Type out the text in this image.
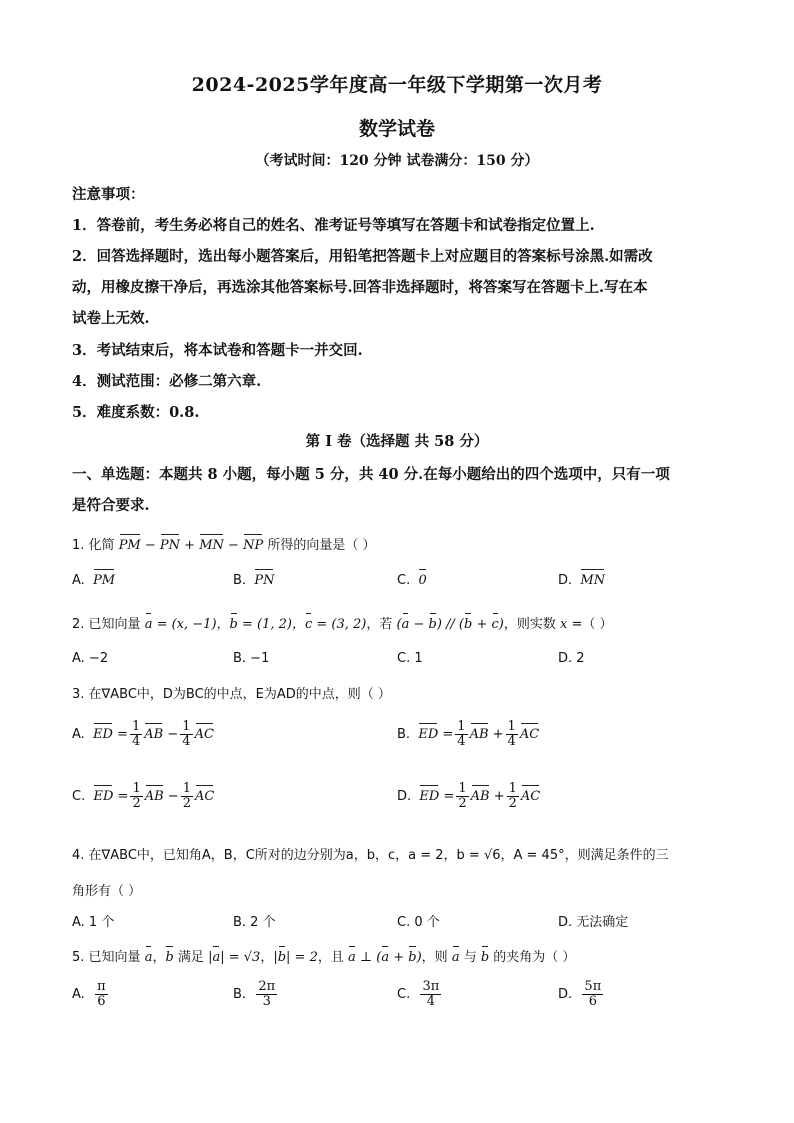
2024-2025学年度高一年级下学期第一次月考
数学试卷
（考试时间：120 分钟 试卷满分：150 分）
注意事项：
1．答卷前，考生务必将自己的姓名、准考证号等填写在答题卡和试卷指定位置上.
2．回答选择题时，选出每小题答案后，用铅笔把答题卡上对应题目的答案标号涂黑.如需改
动，用橡皮擦干净后，再选涂其他答案标号.回答非选择题时，将答案写在答题卡上.写在本
试卷上无效.
3．考试结束后，将本试卷和答题卡一并交回.
4．测试范围：必修二第六章.
5．难度系数：0.8.
第 I 卷（选择题 共 58 分）
一、单选题：本题共 8 小题，每小题 5 分，共 40 分.在每小题给出的四个选项中，只有一项
是符合要求.
1. 化简 PM − PN + MN − NP 所得的向量是（ ）
A. PM	B. PN	C. 0	D. MN
2. 已知向量 a = (x, −1)，b = (1, 2)，c = (3, 2)，若 (a − b) // (b + c)，则实数 x =（ ）
A. −2	B. −1	C. 1	D. 2
3. 在∇ABC中，D为BC的中点，E为AD的中点，则（ ）
A. ED = $\frac{1}{4}$ AB − $\frac{1}{4}$ AC	B. ED = $\frac{1}{4}$ AB + $\frac{1}{4}$ AC
C. ED = $\frac{1}{2}$ AB − $\frac{1}{2}$ AC	D. ED = $\frac{1}{2}$ AB + $\frac{1}{2}$ AC
4. 在∇ABC中，已知角A，B，C所对的边分别为a，b，c，a = 2，b = √6，A = 45°，则满足条件的三
角形有（ ）
A. 1 个	B. 2 个	C. 0 个	D. 无法确定
5. 已知向量 a，b 满足 |a| = √3，|b| = 2，且 a ⊥ (a + b)，则 a 与 b 的夹角为（ ）
A. $\frac{\pi}{6}$	B. $\frac{2\pi}{3}$	C. $\frac{3\pi}{4}$	D. $\frac{5\pi}{6}$
